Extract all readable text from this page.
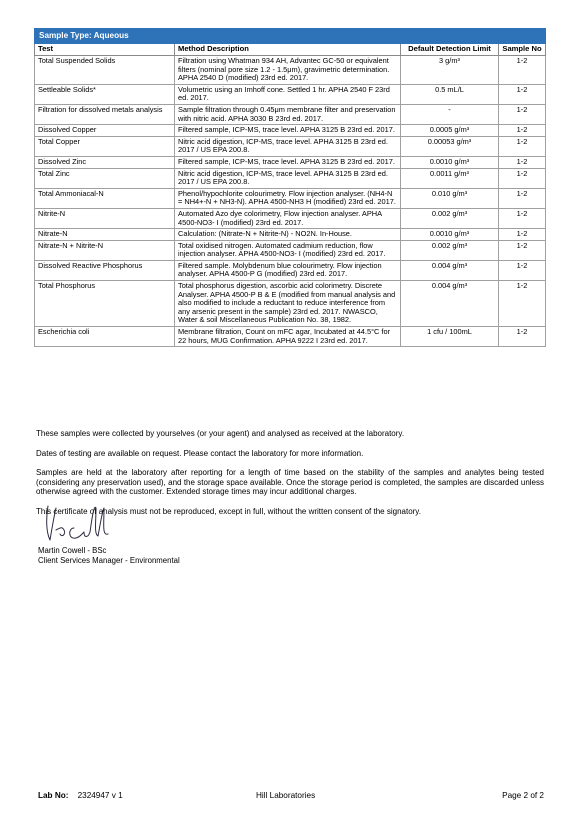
Sample Type: Aqueous			
Test	Method Description	Default Detection Limit	Sample No
Total Suspended Solids	Filtration using Whatman 934 AH, Advantec GC-50 or equivalent filters (nominal pore size 1.2 - 1.5μm), gravimetric determination. APHA 2540 D (modified) 23rd ed. 2017.	3 g/m³	1-2
Settleable Solids*	Volumetric using an Imhoff cone. Settled 1 hr. APHA 2540 F 23rd ed. 2017.	0.5 mL/L	1-2
Filtration for dissolved metals analysis	Sample filtration through 0.45μm membrane filter and preservation with nitric acid. APHA 3030 B 23rd ed. 2017.	-	1-2
Dissolved Copper	Filtered sample, ICP-MS, trace level. APHA 3125 B 23rd ed. 2017.	0.0005 g/m³	1-2
Total Copper	Nitric acid digestion, ICP-MS, trace level. APHA 3125 B 23rd ed. 2017 / US EPA 200.8.	0.00053 g/m³	1-2
Dissolved Zinc	Filtered sample, ICP-MS, trace level. APHA 3125 B 23rd ed. 2017.	0.0010 g/m³	1-2
Total Zinc	Nitric acid digestion, ICP-MS, trace level. APHA 3125 B 23rd ed. 2017 / US EPA 200.8.	0.0011 g/m³	1-2
Total Ammoniacal-N	Phenol/hypochlorite colourimetry. Flow injection analyser. (NH4-N = NH4+-N + NH3-N). APHA 4500-NH3 H (modified) 23rd ed. 2017.	0.010 g/m³	1-2
Nitrite-N	Automated Azo dye colorimetry, Flow injection analyser. APHA 4500-NO3- I (modified) 23rd ed. 2017.	0.002 g/m³	1-2
Nitrate-N	Calculation: (Nitrate-N + Nitrite-N) - NO2N. In-House.	0.0010 g/m³	1-2
Nitrate-N + Nitrite-N	Total oxidised nitrogen. Automated cadmium reduction, flow injection analyser. APHA 4500-NO3- I (modified) 23rd ed. 2017.	0.002 g/m³	1-2
Dissolved Reactive Phosphorus	Filtered sample. Molybdenum blue colourimetry. Flow injection analyser. APHA 4500-P G (modified) 23rd ed. 2017.	0.004 g/m³	1-2
Total Phosphorus	Total phosphorus digestion, ascorbic acid colorimetry. Discrete Analyser. APHA 4500-P B & E (modified from manual analysis and also modified to include a reductant to reduce interference from any arsenic present in the sample) 23rd ed. 2017. NWASCO, Water & soil Miscellaneous Publication No. 38, 1982.	0.004 g/m³	1-2
Escherichia coli	Membrane filtration, Count on mFC agar, Incubated at 44.5°C for 22 hours, MUG Confirmation. APHA 9222 I 23rd ed. 2017.	1 cfu / 100mL	1-2

These samples were collected by yourselves (or your agent) and analysed as received at the laboratory.

Dates of testing are available on request. Please contact the laboratory for more information.

Samples are held at the laboratory after reporting for a length of time based on the stability of the samples and analytes being tested (considering any preservation used), and the storage space available. Once the storage period is completed, the samples are discarded unless otherwise agreed with the customer. Extended storage times may incur additional charges.

This certificate of analysis must not be reproduced, except in full, without the written consent of the signatory.

Martin Cowell - BSc
Client Services Manager - Environmental
Lab No: 2324947 v 1	Hill Laboratories	Page 2 of 2
